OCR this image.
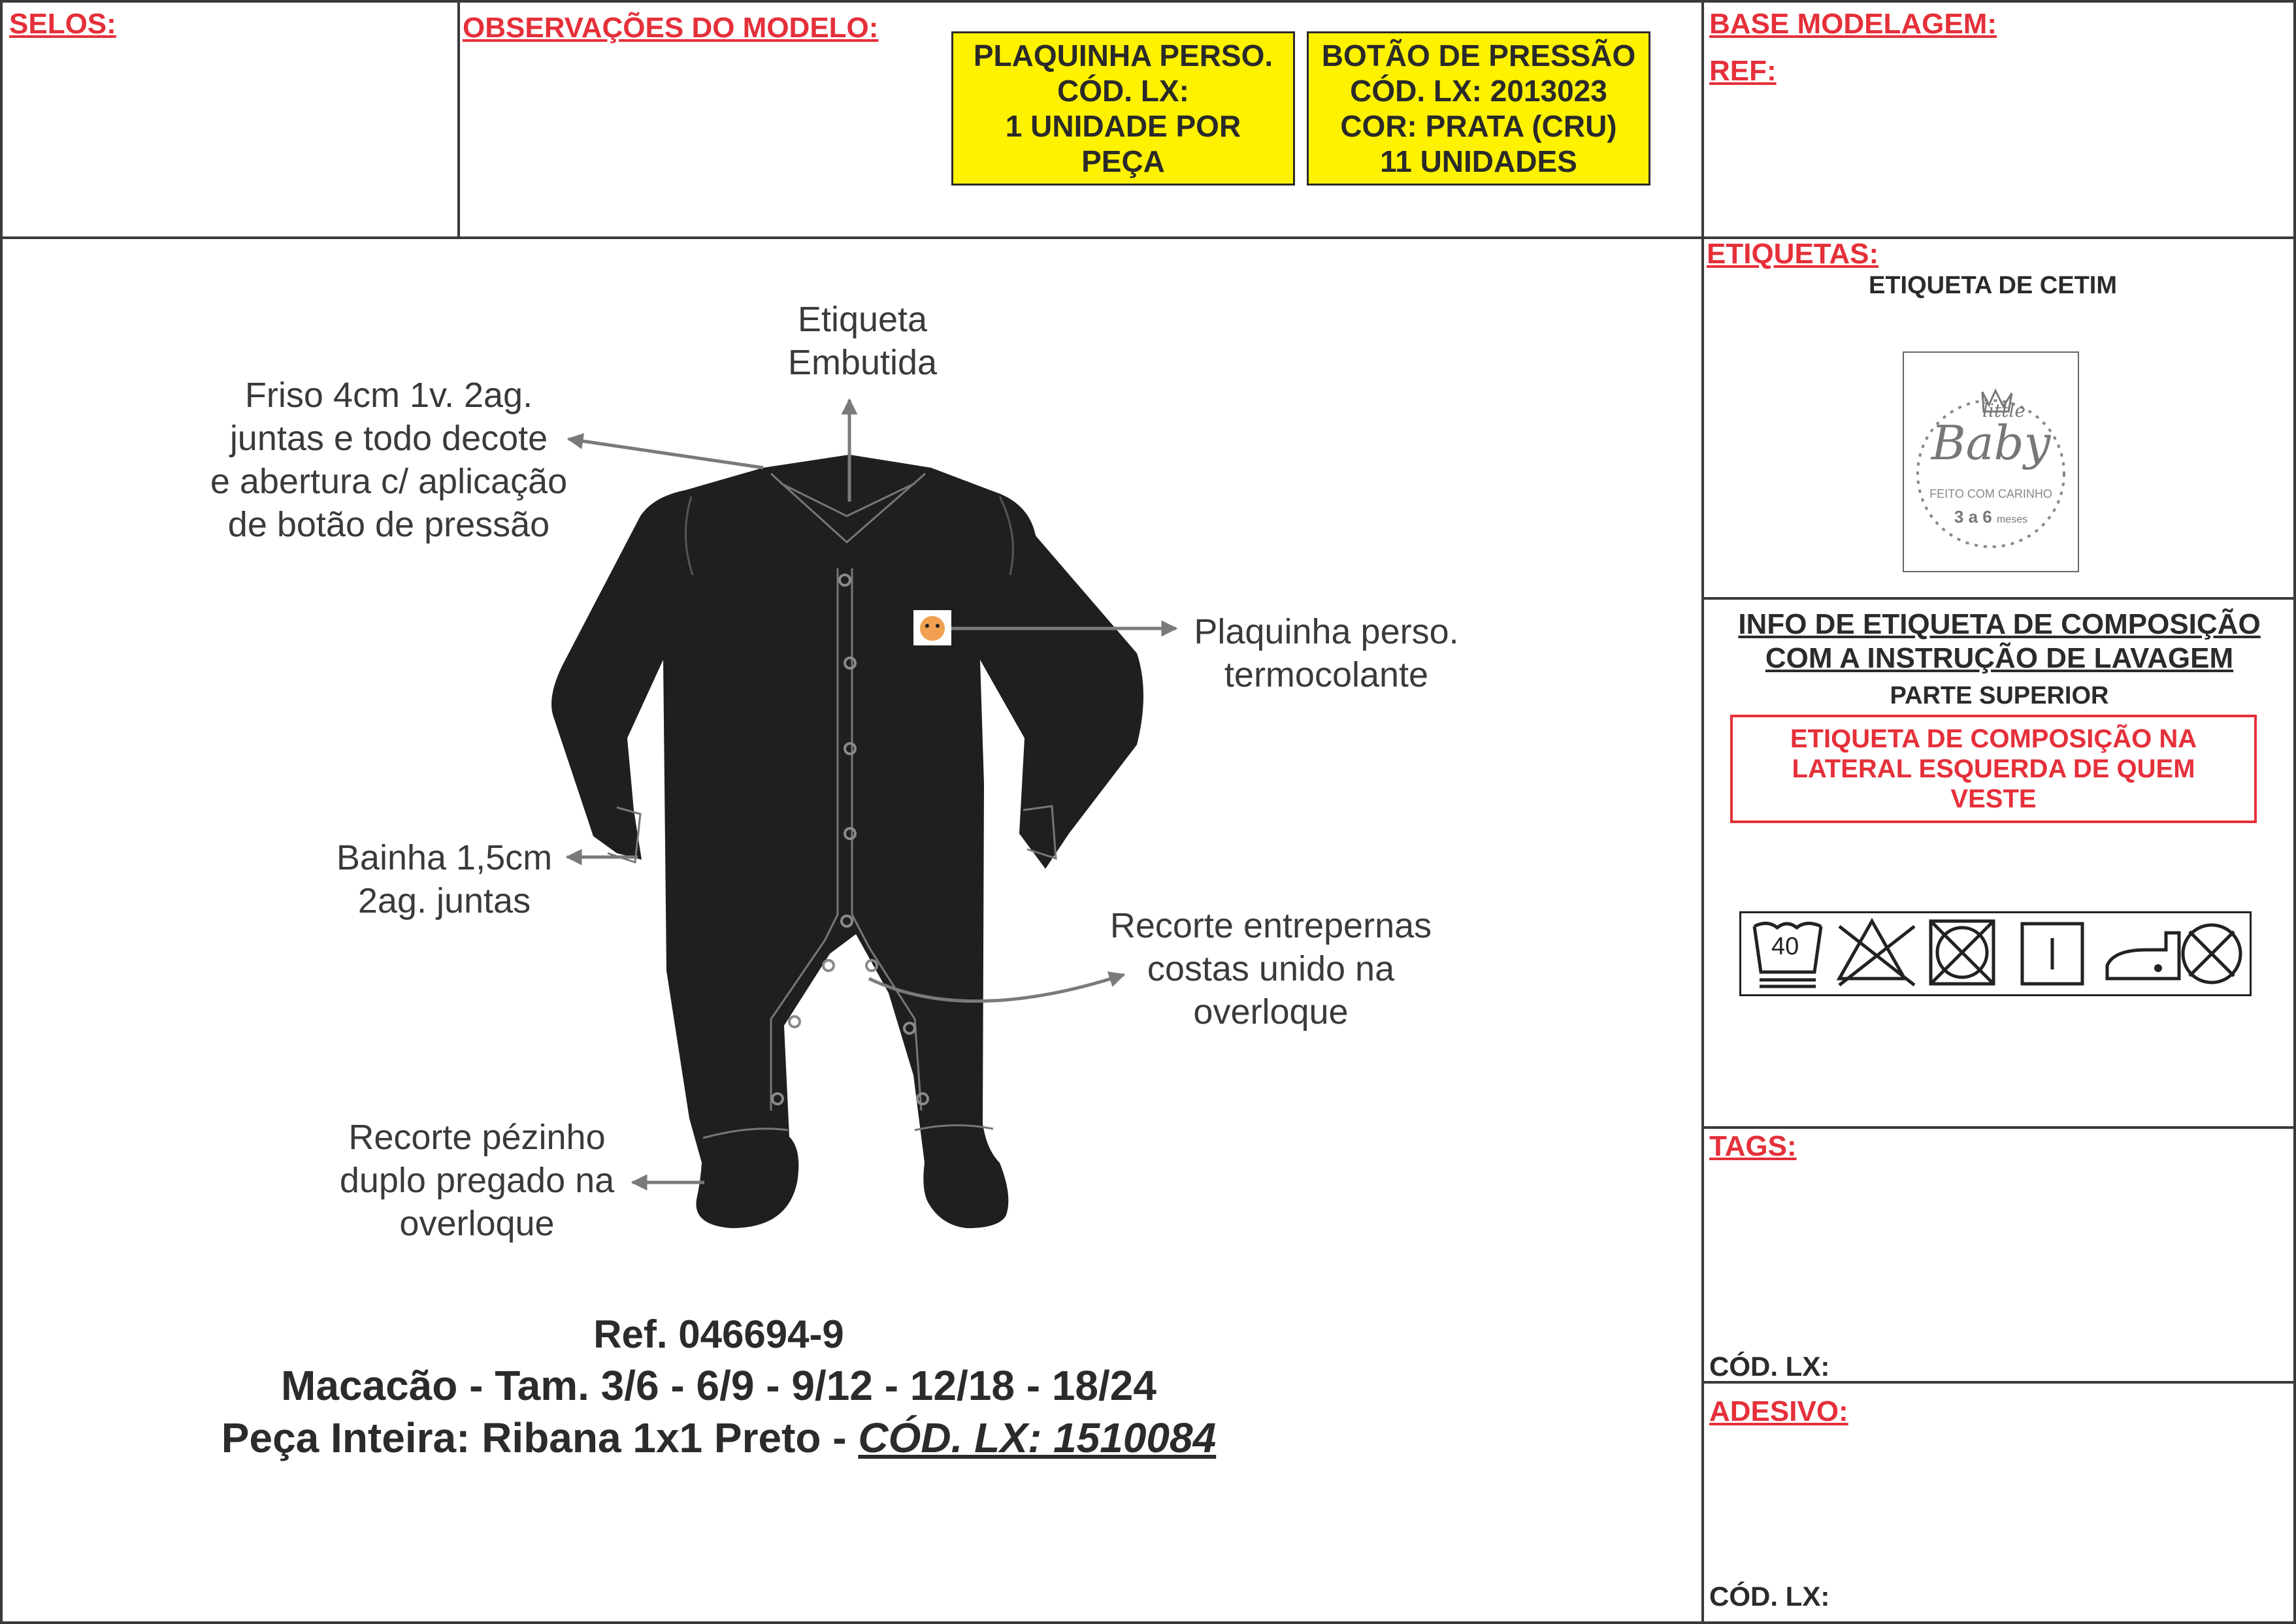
SELOS:	OBSERVAÇÕES DO MODELO:	BASE MODELAGEM:
REF:
PLAQUINHA PERSO.
CÓD. LX:
1 UNIDADE POR
PEÇA
BOTÃO DE PRESSÃO
CÓD. LX: 2013023
COR: PRATA (CRU)
11 UNIDADES
Etiqueta
Embutida
Friso 4cm 1v. 2ag.
juntas e todo decote
e abertura c/ aplicação
de botão de pressão
Plaquinha perso.
termocolante
Bainha 1,5cm
2ag. juntas
Recorte entrepernas
costas unido na
overloque
Recorte pézinho
duplo pregado na
overloque
Ref. 046694-9
Macacão - Tam. 3/6 - 6/9 - 9/12 - 12/18 - 18/24
Peça Inteira: Ribana 1x1 Preto - CÓD. LX: 1510084
ETIQUETAS:
ETIQUETA DE CETIM
little
Baby
FEITO COM CARINHO
3 a 6 meses
INFO DE ETIQUETA DE COMPOSIÇÃO
COM A INSTRUÇÃO DE LAVAGEM
PARTE SUPERIOR
ETIQUETA DE COMPOSIÇÃO NA
LATERAL ESQUERDA DE QUEM
VESTE
40
TAGS:
CÓD. LX:
ADESIVO:
CÓD. LX:
